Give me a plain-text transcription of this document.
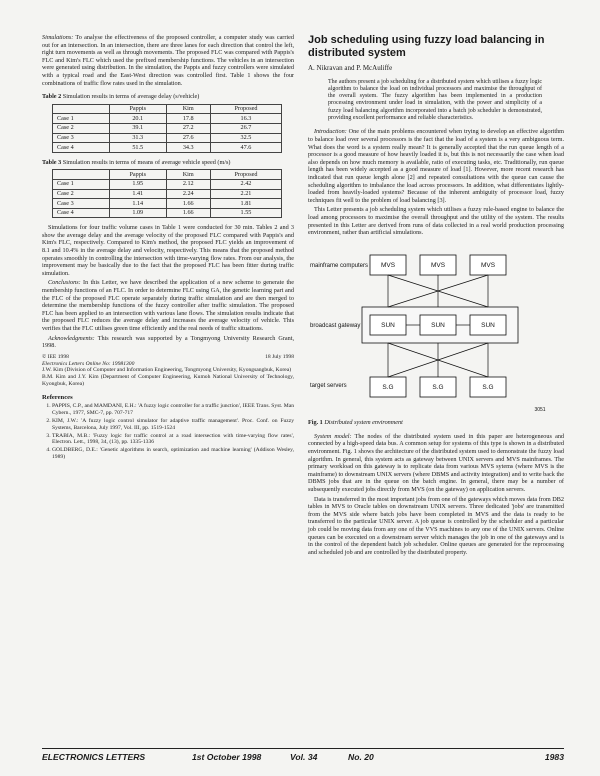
Simulations: To analyse the effectiveness of the proposed controller, a computer study was carried out for an intersection. In an intersection, there are three lanes for each direction that control the left, right turn movements as well as through movements. The proposed FLC was compared with Pappis's FLC and Kim's FLC which used the prefixed membership functions. The vehicles in an intersection were generated using distribution. In the simulation, the Pappis and fuzzy controllers were simulated with a typical road and the East-West direction was controlled first. Table 1 shows the four combinations of traffic flow rates used in the simulation.

Table 2 Simulation results in terms of average delay (s/vehicle)
	Pappis	Kim	Proposed
Case 1	20.1	17.8	16.3
Case 2	39.1	27.2	26.7
Case 3	31.3	27.6	32.5
Case 4	51.5	34.3	47.6
Table 3 Simulation results in terms of means of average vehicle speed (m/s)
	Pappis	Kim	Proposed
Case 1	1.95	2.12	2.42
Case 2	1.41	2.24	2.21
Case 3	1.14	1.66	1.81
Case 4	1.09	1.66	1.55

Simulations for four traffic volume cases in Table 1 were conducted for 30 min. Tables 2 and 3 show the average delay and the average velocity of the proposed FLC compared with Pappis's and Kim's FLC, respectively. Compared to Kim's method, the proposed FLC yields an improvement of 8.1 and 10.4% in the average delay and velocity, respectively. This means that the proposed method operates smoothly in controlling the intersection with time-varying flow rates. From our analysis, the improvement may be basically due to the fact that the proposed FLC has been fitter during traffic simulation.

Conclusions: In this Letter, we have described the application of a new scheme to generate the membership functions of an FLC. In order to determine FLC using GA, the genetic learning part and the FLC of the proposed FLC operate separately during traffic simulation and are then merged to determine the membership functions of the fuzzy controller after traffic simulation. The proposed FLC has been applied to an intersection with various lane flows. The simulation results indicate that the proposed FLC reduces the average delay and increases the average velocity of vehicle. This verifies that the FLC utilises green time efficiently and the real needs of traffic situations.

Acknowledgments: This research was supported by a Tongmyong University Research Grant, 1998.

© IEE 1998	18 July 1998
Electronics Letters Online No: 19981300
J.W. Kim (Division of Computer and Information Engineering, Tongmyong University, Kyongsangbuk, Korea)
B.M. Kim and J.Y. Kim (Department of Computer Engineering, Kumoh National University of Technology, Kyongbuk, Korea)
References
1. PAPPIS, C.P., and MAMDANI, E.H.: 'A fuzzy logic controller for a traffic junction', IEEE Trans. Syst. Man Cybern., 1977, SMC-7, pp. 707-717
2. KIM, J.W.: 'A fuzzy logic control simulator for adaptive traffic management'. Proc. Conf. on Fuzzy Systems, Barcelona, July 1997, Vol. III, pp. 1519-1524
3. TRABIA, M.B.: 'Fuzzy logic for traffic control at a road intersection with time-varying flow rates', Electron. Lett., 1998, 34, (13), pp. 1335-1336
4. GOLDBERG, D.E.: 'Genetic algorithms in search, optimization and machine learning' (Addison Wesley, 1989)
Job scheduling using fuzzy load balancing in distributed system
A. Nikravan and P. McAuliffe
The authors present a job scheduling for a distributed system which utilises a fuzzy logic algorithm to balance the load on individual processors and maximise the throughput of the overall system. The fuzzy algorithm has been implemented in a production processing environment under load in simulation, with the power and simplicity of a fuzzy load balancing algorithm incorporated into a batch job scheduler is demonstrated, providing excellent performance and reliable characteristics.

Introduction: One of the main problems encountered when trying to develop an effective algorithm to balance load over several processors is the fact that the load of a system is a very ambiguous term. What does the word is a system really mean? It is generally accepted that the run queue length of a processor is a good measure of how heavily loaded it is, but this is not necessarily the case when load also depends on how much memory is available, ratio of executing tasks, etc. Traditionally, run queue length has been widely accepted as a good measure of load [1]. However, more recent research has indicated that run queue length alone [2] and repeated consultations with the queue can cause the scheduling algorithm to imbalance the load across processors. In addition, what differentiates lightly-loaded from heavily-loaded systems? Because of the inherent ambiguity of processor load, fuzzy techniques fit well to the problem of load balancing [3].

This Letter presents a job scheduling system which utilises a fuzzy rule-based engine to balance the load among processors to maximise the overall throughput and the utility of the system. The results presented in this Letter are derived from runs of data collected in a real world production processing environment, rather than artificial simulations.

mainframe computers
broadcast gateway
target servers
MVS	MVS	MVS
SUN	SUN	SUN
S.G	S.G	S.G
3051
Fig. 1 Distributed system environment

System model: The nodes of the distributed system used in this paper are heterogeneous and connected by a high-speed data bus. A common setup for systems of this type is shown in a distributed environment. Fig. 1 shows the architecture of the distributed system used to demonstrate the fuzzy load algorithm. In general, this system acts as gateway between UNIX servers and MVS mainframes. The primary workload on this gateway is to replicate data from various MVS sytems (where MVS is the mainframe) to downstream UNIX servers (where DBMS and activity integration) and to write back the DBMS jobs that are in the queue on the batch engine. In general, there may be a number of subsequently executed jobs directly from MVS (on the gateway) on application servers.

Data is transferred in the most important jobs from one of the gateways which moves data from DB2 tables in MVS to Oracle tables on downstream UNIX servers. Three dedicated 'jobs' are transmitted from the MVS side where batch jobs have been completed in MVS and the data is ready to be transferred to the particular UNIX server. A job queue is controlled by the scheduler and a particular job could be moving data from any one of the VVS machines to any one of the UNIX servers. Online queues can be executed on a downstream server which manages the job in one of the gateways and is in the control of the dependent batch job scheduler. Online queues are generated for the reprocessing and scheduled job and are controlled by the distributed property.

ELECTRONICS LETTERS	1st October 1998	Vol. 34	No. 20	1983
